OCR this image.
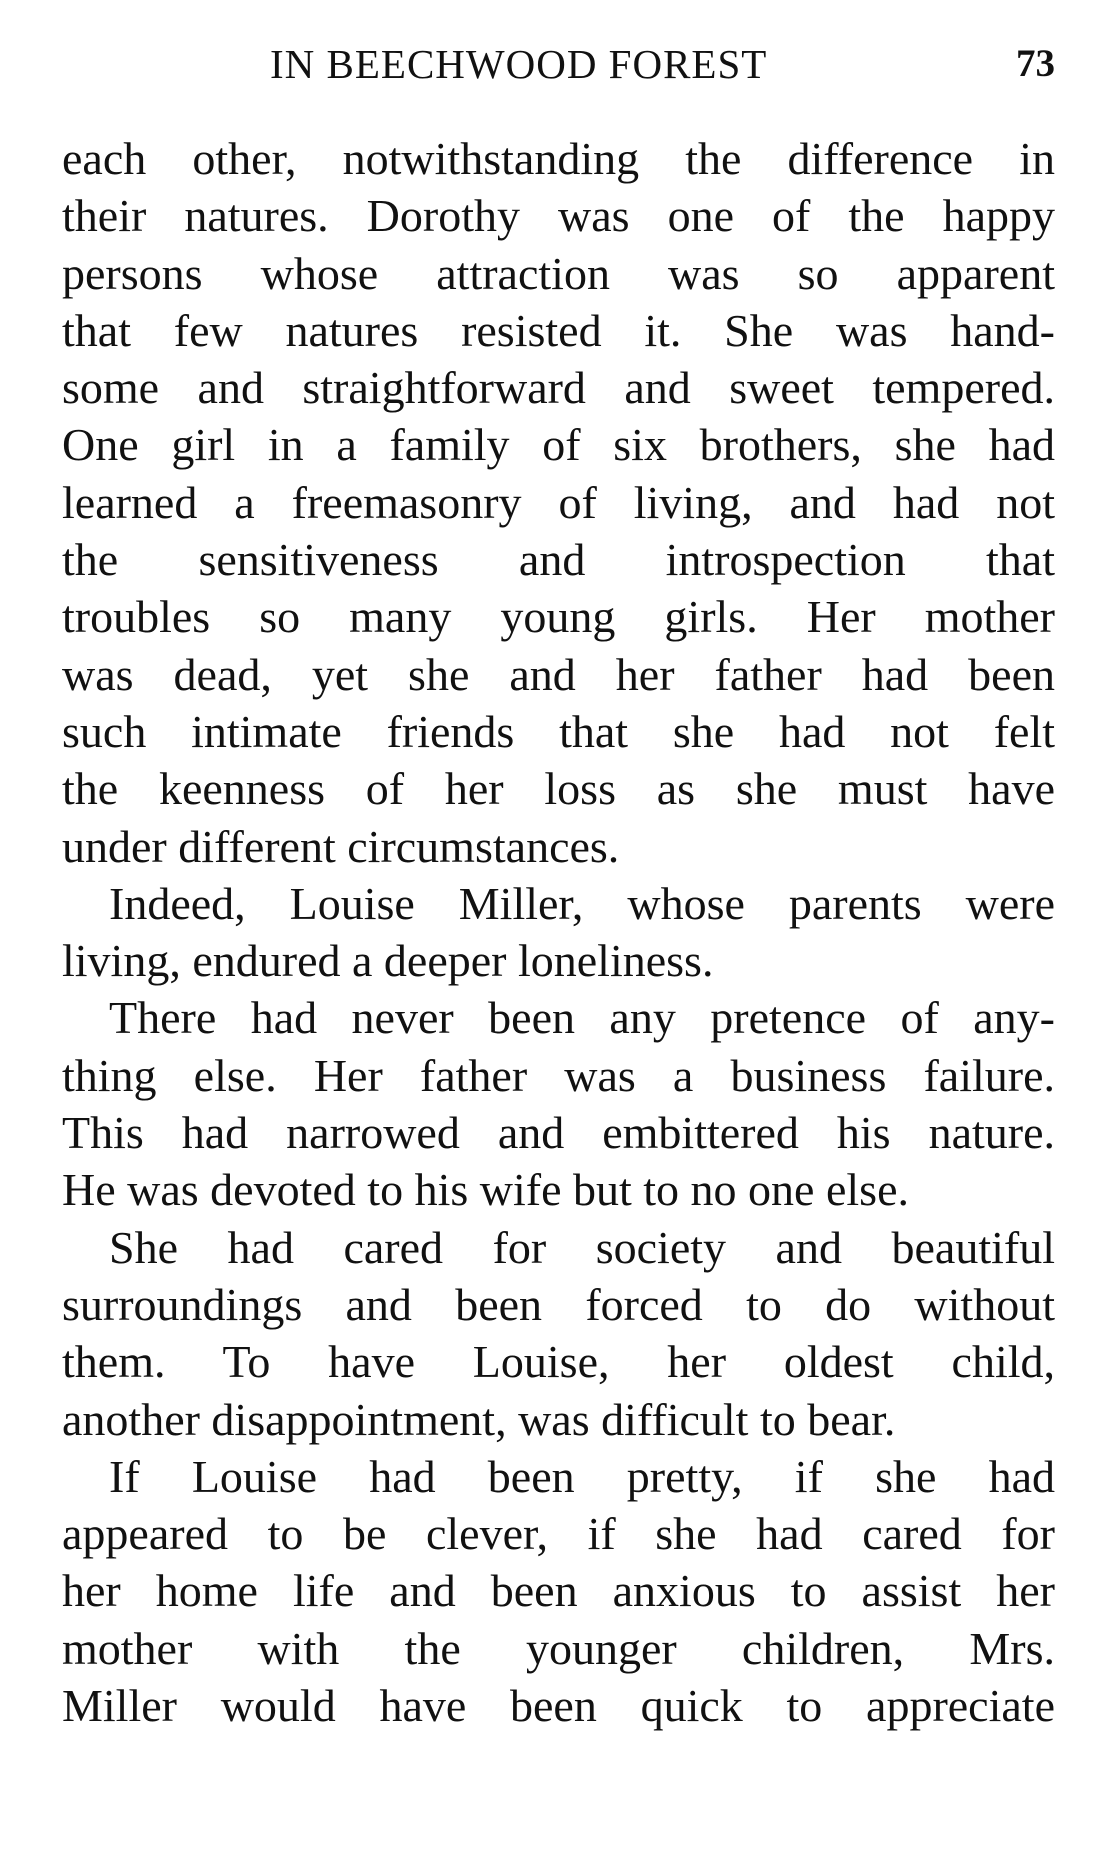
IN BEECHWOOD FOREST	73
each other, notwithstanding the difference in
their natures. Dorothy was one of the happy
persons whose attraction was so apparent
that few natures resisted it. She was hand-
some and straightforward and sweet tempered.
One girl in a family of six brothers, she had
learned a freemasonry of living, and had not
the sensitiveness and introspection that
troubles so many young girls. Her mother
was dead, yet she and her father had been
such intimate friends that she had not felt
the keenness of her loss as she must have
under different circumstances.
Indeed, Louise Miller, whose parents were
living, endured a deeper loneliness.
There had never been any pretence of any-
thing else. Her father was a business failure.
This had narrowed and embittered his nature.
He was devoted to his wife but to no one else.
She had cared for society and beautiful
surroundings and been forced to do without
them. To have Louise, her oldest child,
another disappointment, was difficult to bear.
If Louise had been pretty, if she had
appeared to be clever, if she had cared for
her home life and been anxious to assist her
mother with the younger children, Mrs.
Miller would have been quick to appreciate
